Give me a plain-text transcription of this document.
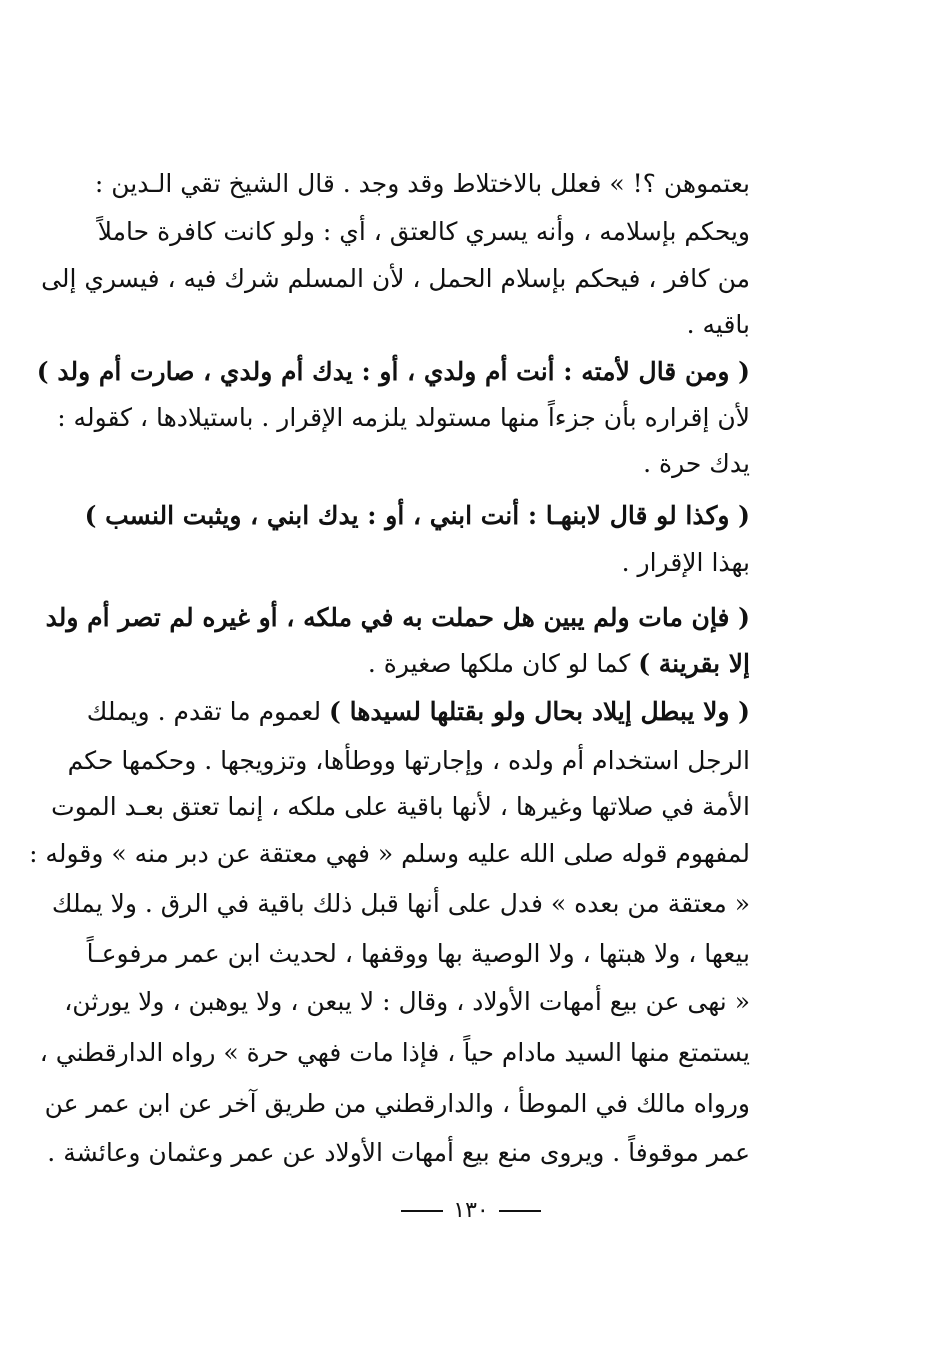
بعتموهن ؟! » فعلل بالاختلاط وقد وجد . قال الشيخ تقي الـدين :
ويحكم بإسلامه ، وأنه يسري كالعتق ، أي : ولو كانت كافرة حاملاً
من كافر ، فيحكم بإسلام الحمل ، لأن المسلم شرك فيه ، فيسري إلى
باقيه .
( ومن قال لأمته : أنت أم ولدي ، أو : يدك أم ولدي ، صارت أم ولد )
لأن إقراره بأن جزءاً منها مستولد يلزمه الإقرار . باستيلادها ، كقوله :
يدك حرة .
( وكذا لو قال لابنهـا : أنت ابني ، أو : يدك ابني ، ويثبت النسب )
بهذا الإقرار .
( فإن مات ولم يبين هل حملت به في ملكه ، أو غيره لم تصر أم ولد
إلا بقرينة ) كما لو كان ملكها صغيرة .
( ولا يبطل إيلاد بحال ولو بقتلها لسيدها ) لعموم ما تقدم . ويملك
الرجل استخدام أم ولده ، وإجارتها ووطأها، وتزويجها . وحكمها حكم
الأمة في صلاتها وغيرها ، لأنها باقية على ملكه ، إنما تعتق بعـد الموت
لمفهوم قوله صلى الله عليه وسلم « فهي معتقة عن دبر منه » وقوله :
« معتقة من بعده » فدل على أنها قبل ذلك باقية في الرق . ولا يملك
بيعها ، ولا هبتها ، ولا الوصية بها ووقفها ، لحديث ابن عمر مرفوعـاً
« نهى عن بيع أمهات الأولاد ، وقال : لا يبعن ، ولا يوهبن ، ولا يورثن،
يستمتع منها السيد مادام حياً ، فإذا مات فهي حرة » رواه الدارقطني ،
ورواه مالك في الموطأ ، والدارقطني من طريق آخر عن ابن عمر عن
عمر موقوفاً . ويروى منع بيع أمهات الأولاد عن عمر وعثمان وعائشة .
١٣٠
